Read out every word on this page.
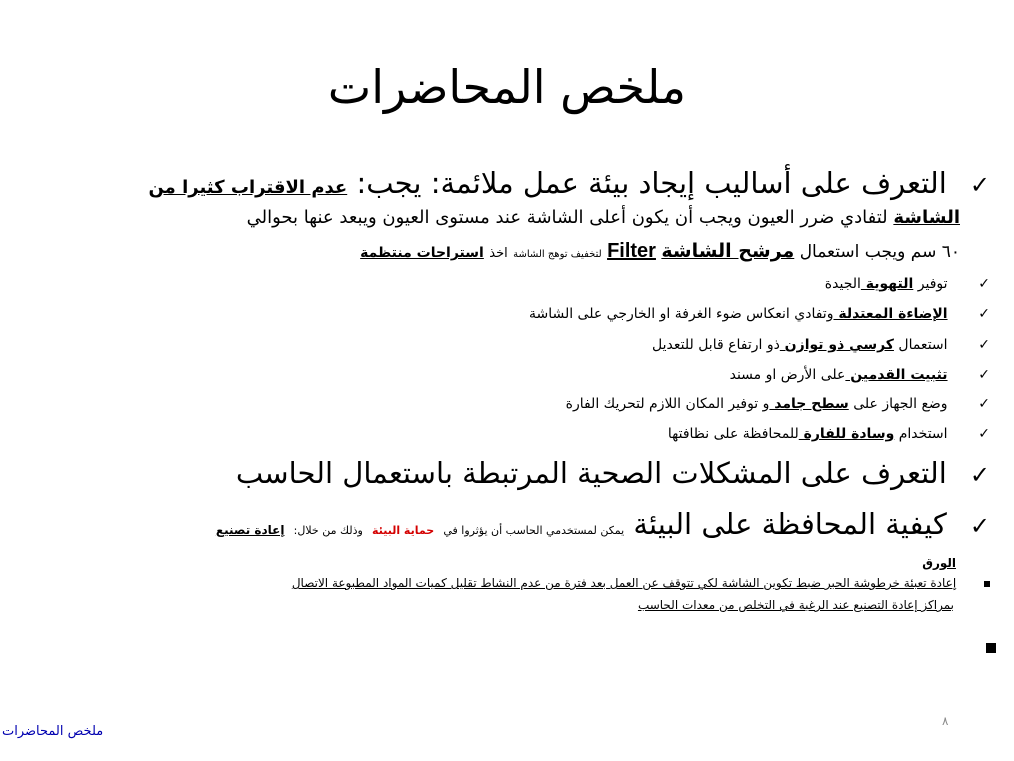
ملخص المحاضرات
✓ التعرف على أساليب إيجاد بيئة عمل ملائمة: يجب: عدم الاقتراب كثيرا من
الشاشة لتفادي ضرر العيون ويجب أن يكون أعلى الشاشة عند مستوى العيون ويبعد عنها بحوالي
٦٠ سم ويجب استعمال مرشح الشاشة Filter لتخفيف توهج الشاشة اخذ استراحات منتظمة
✓ توفير التهوية الجيدة
✓ الإضاءة المعتدلة وتفادي انعكاس ضوء الغرفة او الخارجي على الشاشة
✓ استعمال كرسي ذو توازن ذو ارتفاع قابل للتعديل
✓ تثبيت القدمين على الأرض او مسند
✓ وضع الجهاز على سطح جامد و توفير المكان اللازم لتحريك الفارة
✓ استخدام وسادة للفارة للمحافظة على نظافتها
✓ التعرف على المشكلات الصحية المرتبطة باستعمال الحاسب
✓ كيفية المحافظة على البيئة يمكن لمستخدمي الحاسب أن يؤثروا في حماية البيئة وذلك من خلال: إعادة تصنيع
الورق
إعادة تعبئة خرطوشة الحبر ضبط تكوين الشاشة لكي تتوقف عن العمل بعد فترة من عدم النشاط تقليل كميات المواد المطبوعة الاتصال
بمراكز إعادة التصنيع عند الرغبة في التخلص من معدات الحاسب
٨
ملخص المحاضرات
